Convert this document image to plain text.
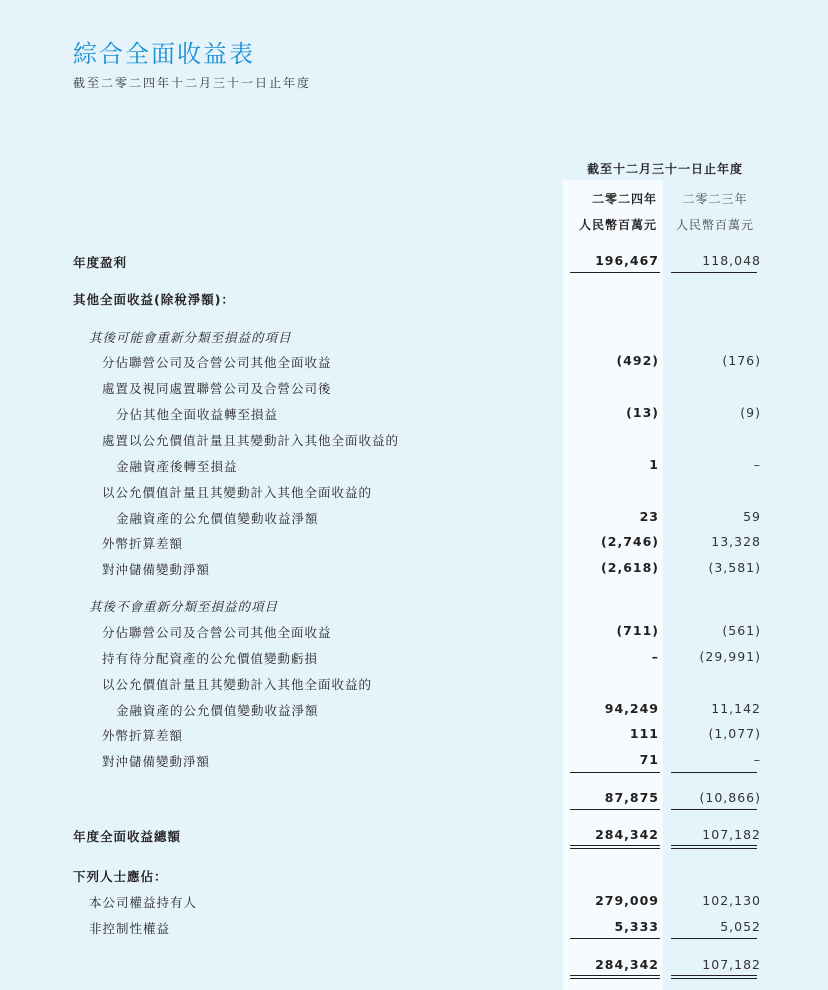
綜合全面收益表
截至二零二四年十二月三十一日止年度
截至十二月三十一日止年度
二零二四年
人民幣百萬元
二零二三年
人民幣百萬元
年度盈利	196,467	118,048
其他全面收益(除稅淨額)：
其後可能會重新分類至損益的項目
分佔聯營公司及合營公司其他全面收益	(492)	(176)
處置及視同處置聯營公司及合營公司後
分佔其他全面收益轉至損益	(13)	(9)
處置以公允價值計量且其變動計入其他全面收益的
金融資產後轉至損益	1	–
以公允價值計量且其變動計入其他全面收益的
金融資產的公允價值變動收益淨額	23	59
外幣折算差額	(2,746)	13,328
對沖儲備變動淨額	(2,618)	(3,581)
其後不會重新分類至損益的項目
分佔聯營公司及合營公司其他全面收益	(711)	(561)
持有待分配資產的公允價值變動虧損	–	(29,991)
以公允價值計量且其變動計入其他全面收益的
金融資產的公允價值變動收益淨額	94,249	11,142
外幣折算差額	111	(1,077)
對沖儲備變動淨額	71	–
87,875	(10,866)
年度全面收益總額	284,342	107,182
下列人士應佔：
本公司權益持有人	279,009	102,130
非控制性權益	5,333	5,052
284,342	107,182
